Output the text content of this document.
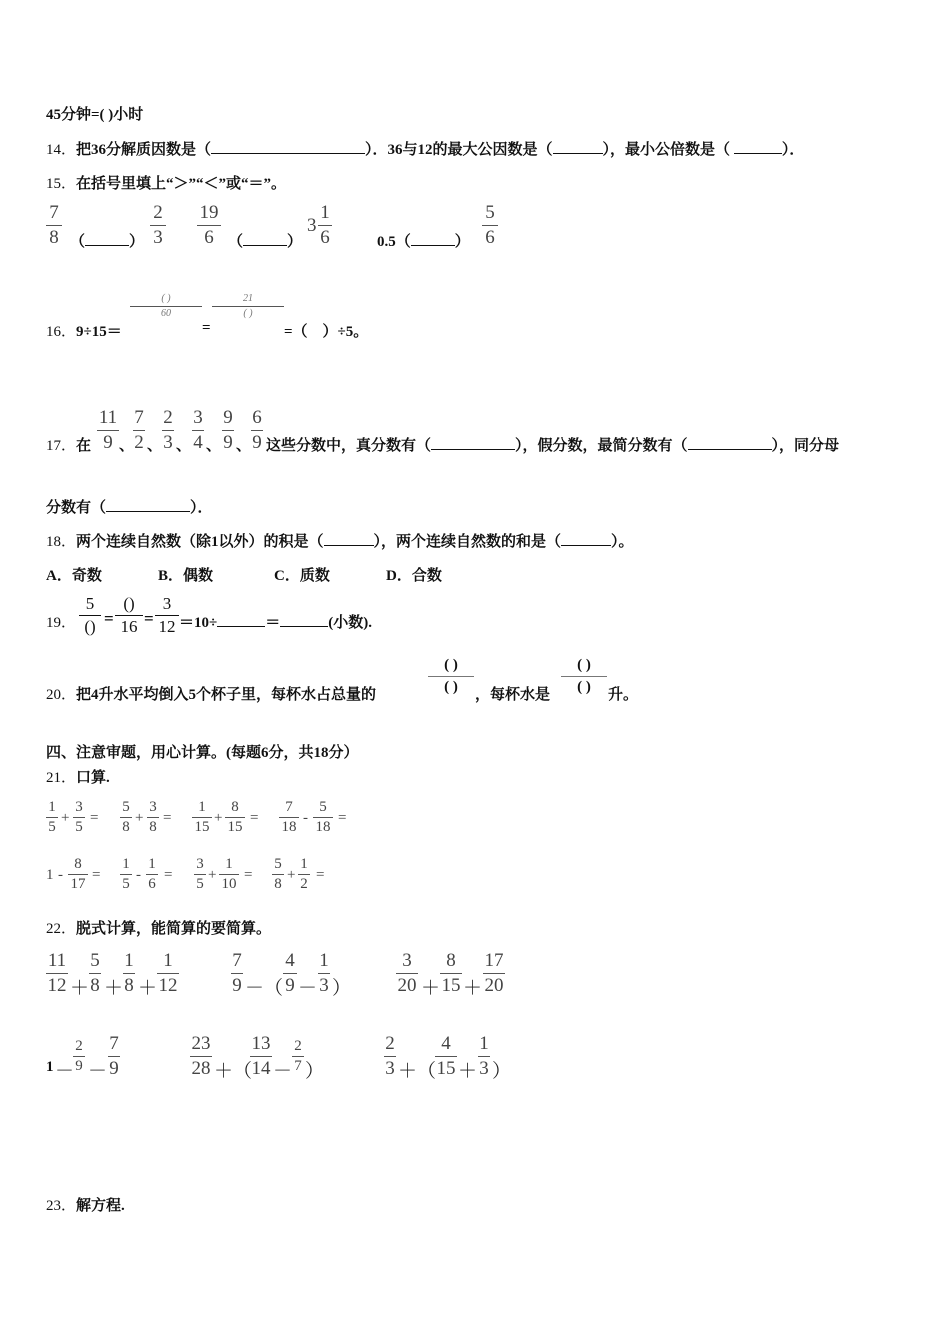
45分钟=( )小时
14．把36分解质因数是（	）．36与12的最大公因数是（	），最小公倍数是（	）．
15．在括号里填上“＞”“＜”或“＝”。
7
8 （	）
2
3
19
6 （	）
3
1
6	0.5（	）
5
6
16．9÷15＝
( )
60
=
21
( )
=（　）÷5。
17．在
11
9 、
7
2 、
2
3 、
3
4 、
9
9 、
6
9 这些分数中，真分数有（	），假分数，最简分数有（	），同分母
分数有（	）．
18．两个连续自然数（除1以外）的积是（	），两个连续自然数的和是（	）。
A．奇数	B．偶数	C．质数	D．合数
19．
5
() =
()
16 =
3
12 ＝10÷	＝	(小数).
20．把4升水平均倒入5个杯子里，每杯水占总量的
( )
( )	，每杯水是
( )
( )	升。
四、注意审题，用心计算。(每题6分，共18分）
21．口算.
1
5
+
3
5
=
5
8
+
3
8
=
1
15
+
8
15
=
7
18
-
5
18
=
1 -
8
17
=
1
5
-
1
6
=
3
5
+
1
10
=
5
8
+
1
2
=
22．脱式计算，能简算的要简算。
11
12 ＋
5
8 ＋
1
8 ＋
1
12
7
9 －（
4
9 －
1
3 ）
3
20 ＋
8
15 ＋
17
20
1 －
2
9 －
7
9
23
28 ＋（
13
14 －
2
7 ）
2
3 ＋（
4
15 ＋
1
3 ）
23．解方程.
